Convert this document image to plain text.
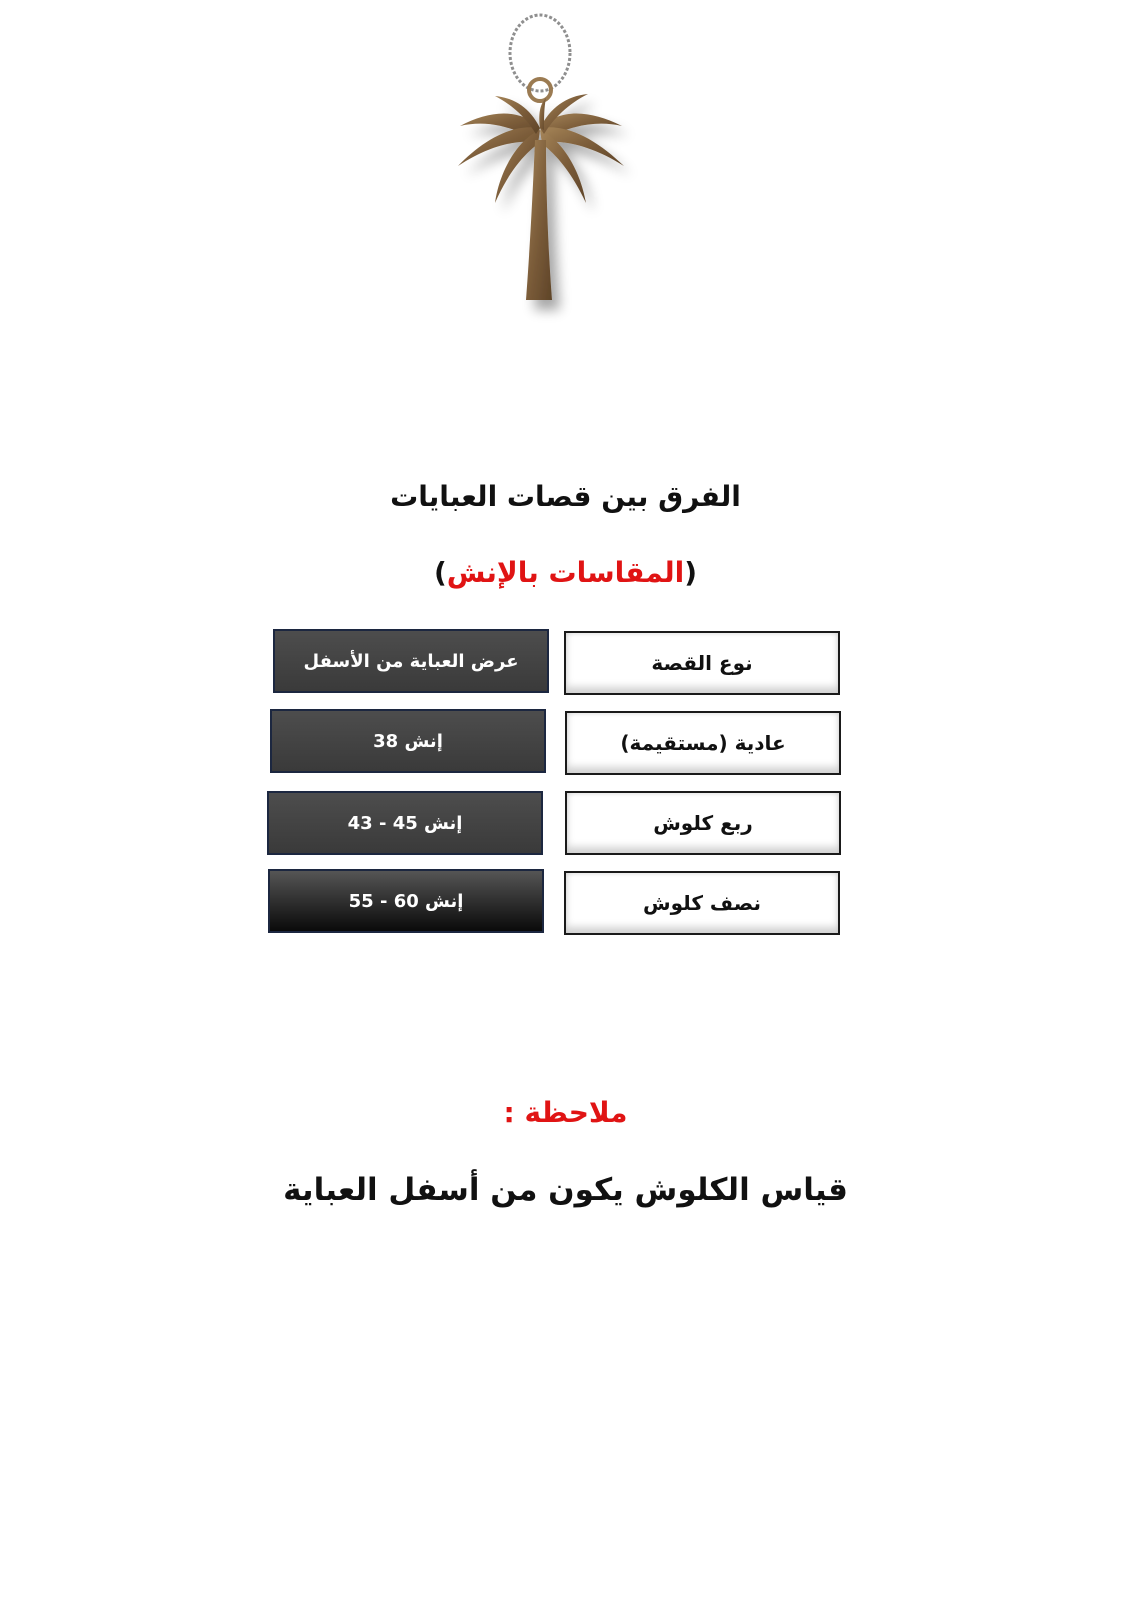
الفرق بين قصات العبايات
(المقاسات بالإنش)
نوع القصة
عرض العباية من الأسفل
عادية (مستقيمة)
إنش 38
ربع كلوش
إنش 45 - 43
نصف كلوش
إنش 60 - 55
ملاحظة :
قياس الكلوش يكون من أسفل العباية
